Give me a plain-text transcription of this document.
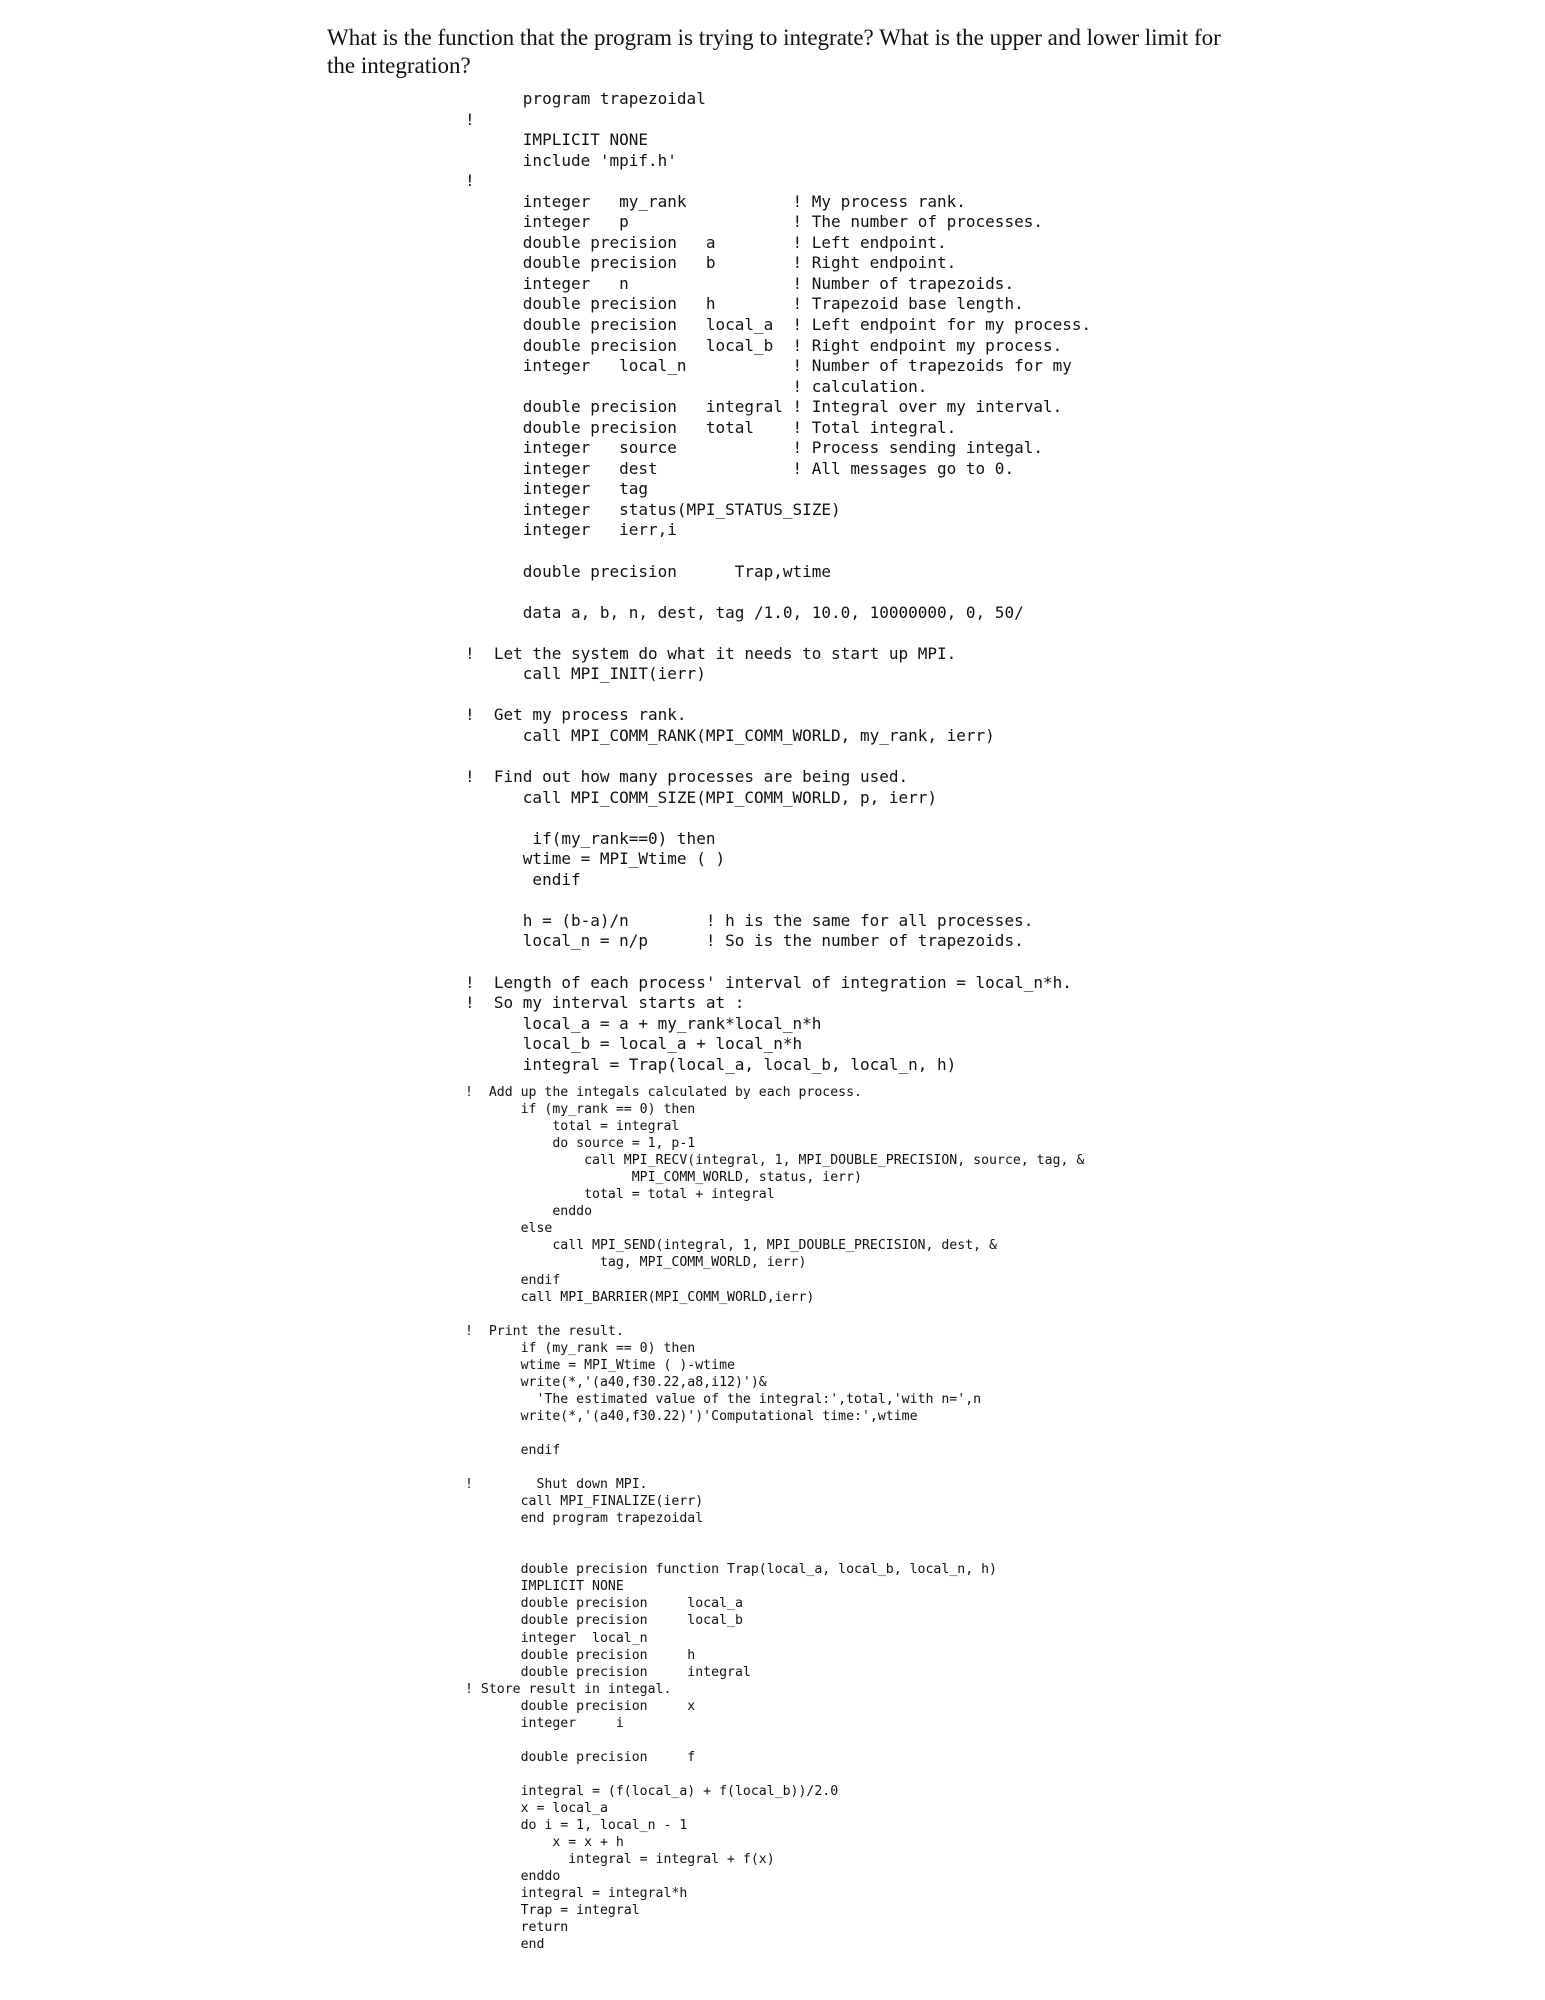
What is the function that the program is trying to integrate? What is the upper and lower limit for the integration?
program trapezoidal
!
IMPLICIT NONE
include 'mpif.h'
!
integer   my_rank           ! My process rank.
integer   p                 ! The number of processes.
double precision   a        ! Left endpoint.
double precision   b        ! Right endpoint.
integer   n                 ! Number of trapezoids.
double precision   h        ! Trapezoid base length.
double precision   local_a  ! Left endpoint for my process.
double precision   local_b  ! Right endpoint my process.
integer   local_n           ! Number of trapezoids for my
! calculation.
double precision   integral ! Integral over my interval.
double precision   total    ! Total integral.
integer   source            ! Process sending integal.
integer   dest              ! All messages go to 0.
integer   tag
integer   status(MPI_STATUS_SIZE)
integer   ierr,i
double precision      Trap,wtime
data a, b, n, dest, tag /1.0, 10.0, 10000000, 0, 50/
!  Let the system do what it needs to start up MPI.
call MPI_INIT(ierr)
!  Get my process rank.
call MPI_COMM_RANK(MPI_COMM_WORLD, my_rank, ierr)
!  Find out how many processes are being used.
call MPI_COMM_SIZE(MPI_COMM_WORLD, p, ierr)
if(my_rank==0) then
wtime = MPI_Wtime ( )
endif
h = (b-a)/n        ! h is the same for all processes.
local_n = n/p      ! So is the number of trapezoids.
!  Length of each process' interval of integration = local_n*h.
!  So my interval starts at :
local_a = a + my_rank*local_n*h
local_b = local_a + local_n*h
integral = Trap(local_a, local_b, local_n, h)
!  Add up the integals calculated by each process.
if (my_rank == 0) then
total = integral
do source = 1, p-1
call MPI_RECV(integral, 1, MPI_DOUBLE_PRECISION, source, tag, &
MPI_COMM_WORLD, status, ierr)
total = total + integral
enddo
else
call MPI_SEND(integral, 1, MPI_DOUBLE_PRECISION, dest, &
tag, MPI_COMM_WORLD, ierr)
endif
call MPI_BARRIER(MPI_COMM_WORLD,ierr)
!  Print the result.
if (my_rank == 0) then
wtime = MPI_Wtime ( )-wtime
write(*,'(a40,f30.22,a8,i12)')&
'The estimated value of the integral:',total,'with n=',n
write(*,'(a40,f30.22)')'Computational time:',wtime
endif
!        Shut down MPI.
call MPI_FINALIZE(ierr)
end program trapezoidal
double precision function Trap(local_a, local_b, local_n, h)
IMPLICIT NONE
double precision     local_a
double precision     local_b
integer  local_n
double precision     h
double precision     integral
! Store result in integal.
double precision     x
integer     i
double precision     f
integral = (f(local_a) + f(local_b))/2.0
x = local_a
do i = 1, local_n - 1
x = x + h
integral = integral + f(x)
enddo
integral = integral*h
Trap = integral
return
end
